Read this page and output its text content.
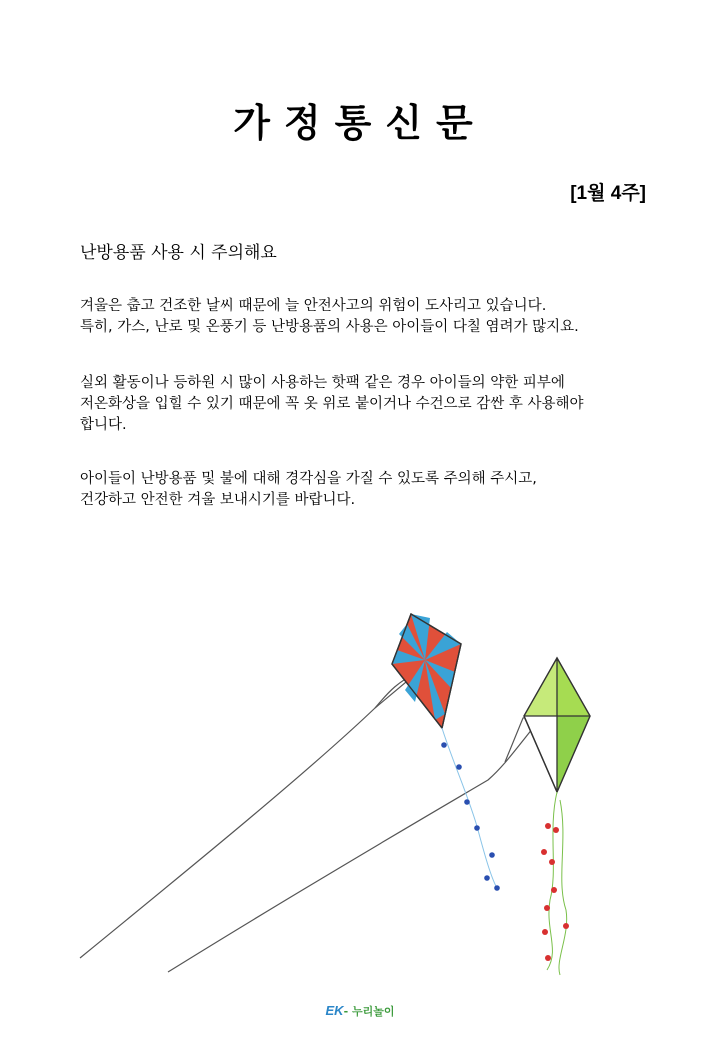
가정통신문
[1월 4주]
난방용품 사용 시 주의해요

겨울은 춥고 건조한 날씨 때문에 늘 안전사고의 위험이 도사리고 있습니다.
특히, 가스, 난로 및 온풍기 등 난방용품의 사용은 아이들이 다칠 염려가 많지요.

실외 활동이나 등하원 시 많이 사용하는 핫팩 같은 경우 아이들의 약한 피부에
저온화상을 입힐 수 있기 때문에 꼭 옷 위로 붙이거나 수건으로 감싼 후 사용해야
합니다.

아이들이 난방용품 및 불에 대해 경각심을 가질 수 있도록 주의해 주시고,
건강하고 안전한 겨울 보내시기를 바랍니다.

EK- 누리놀이
